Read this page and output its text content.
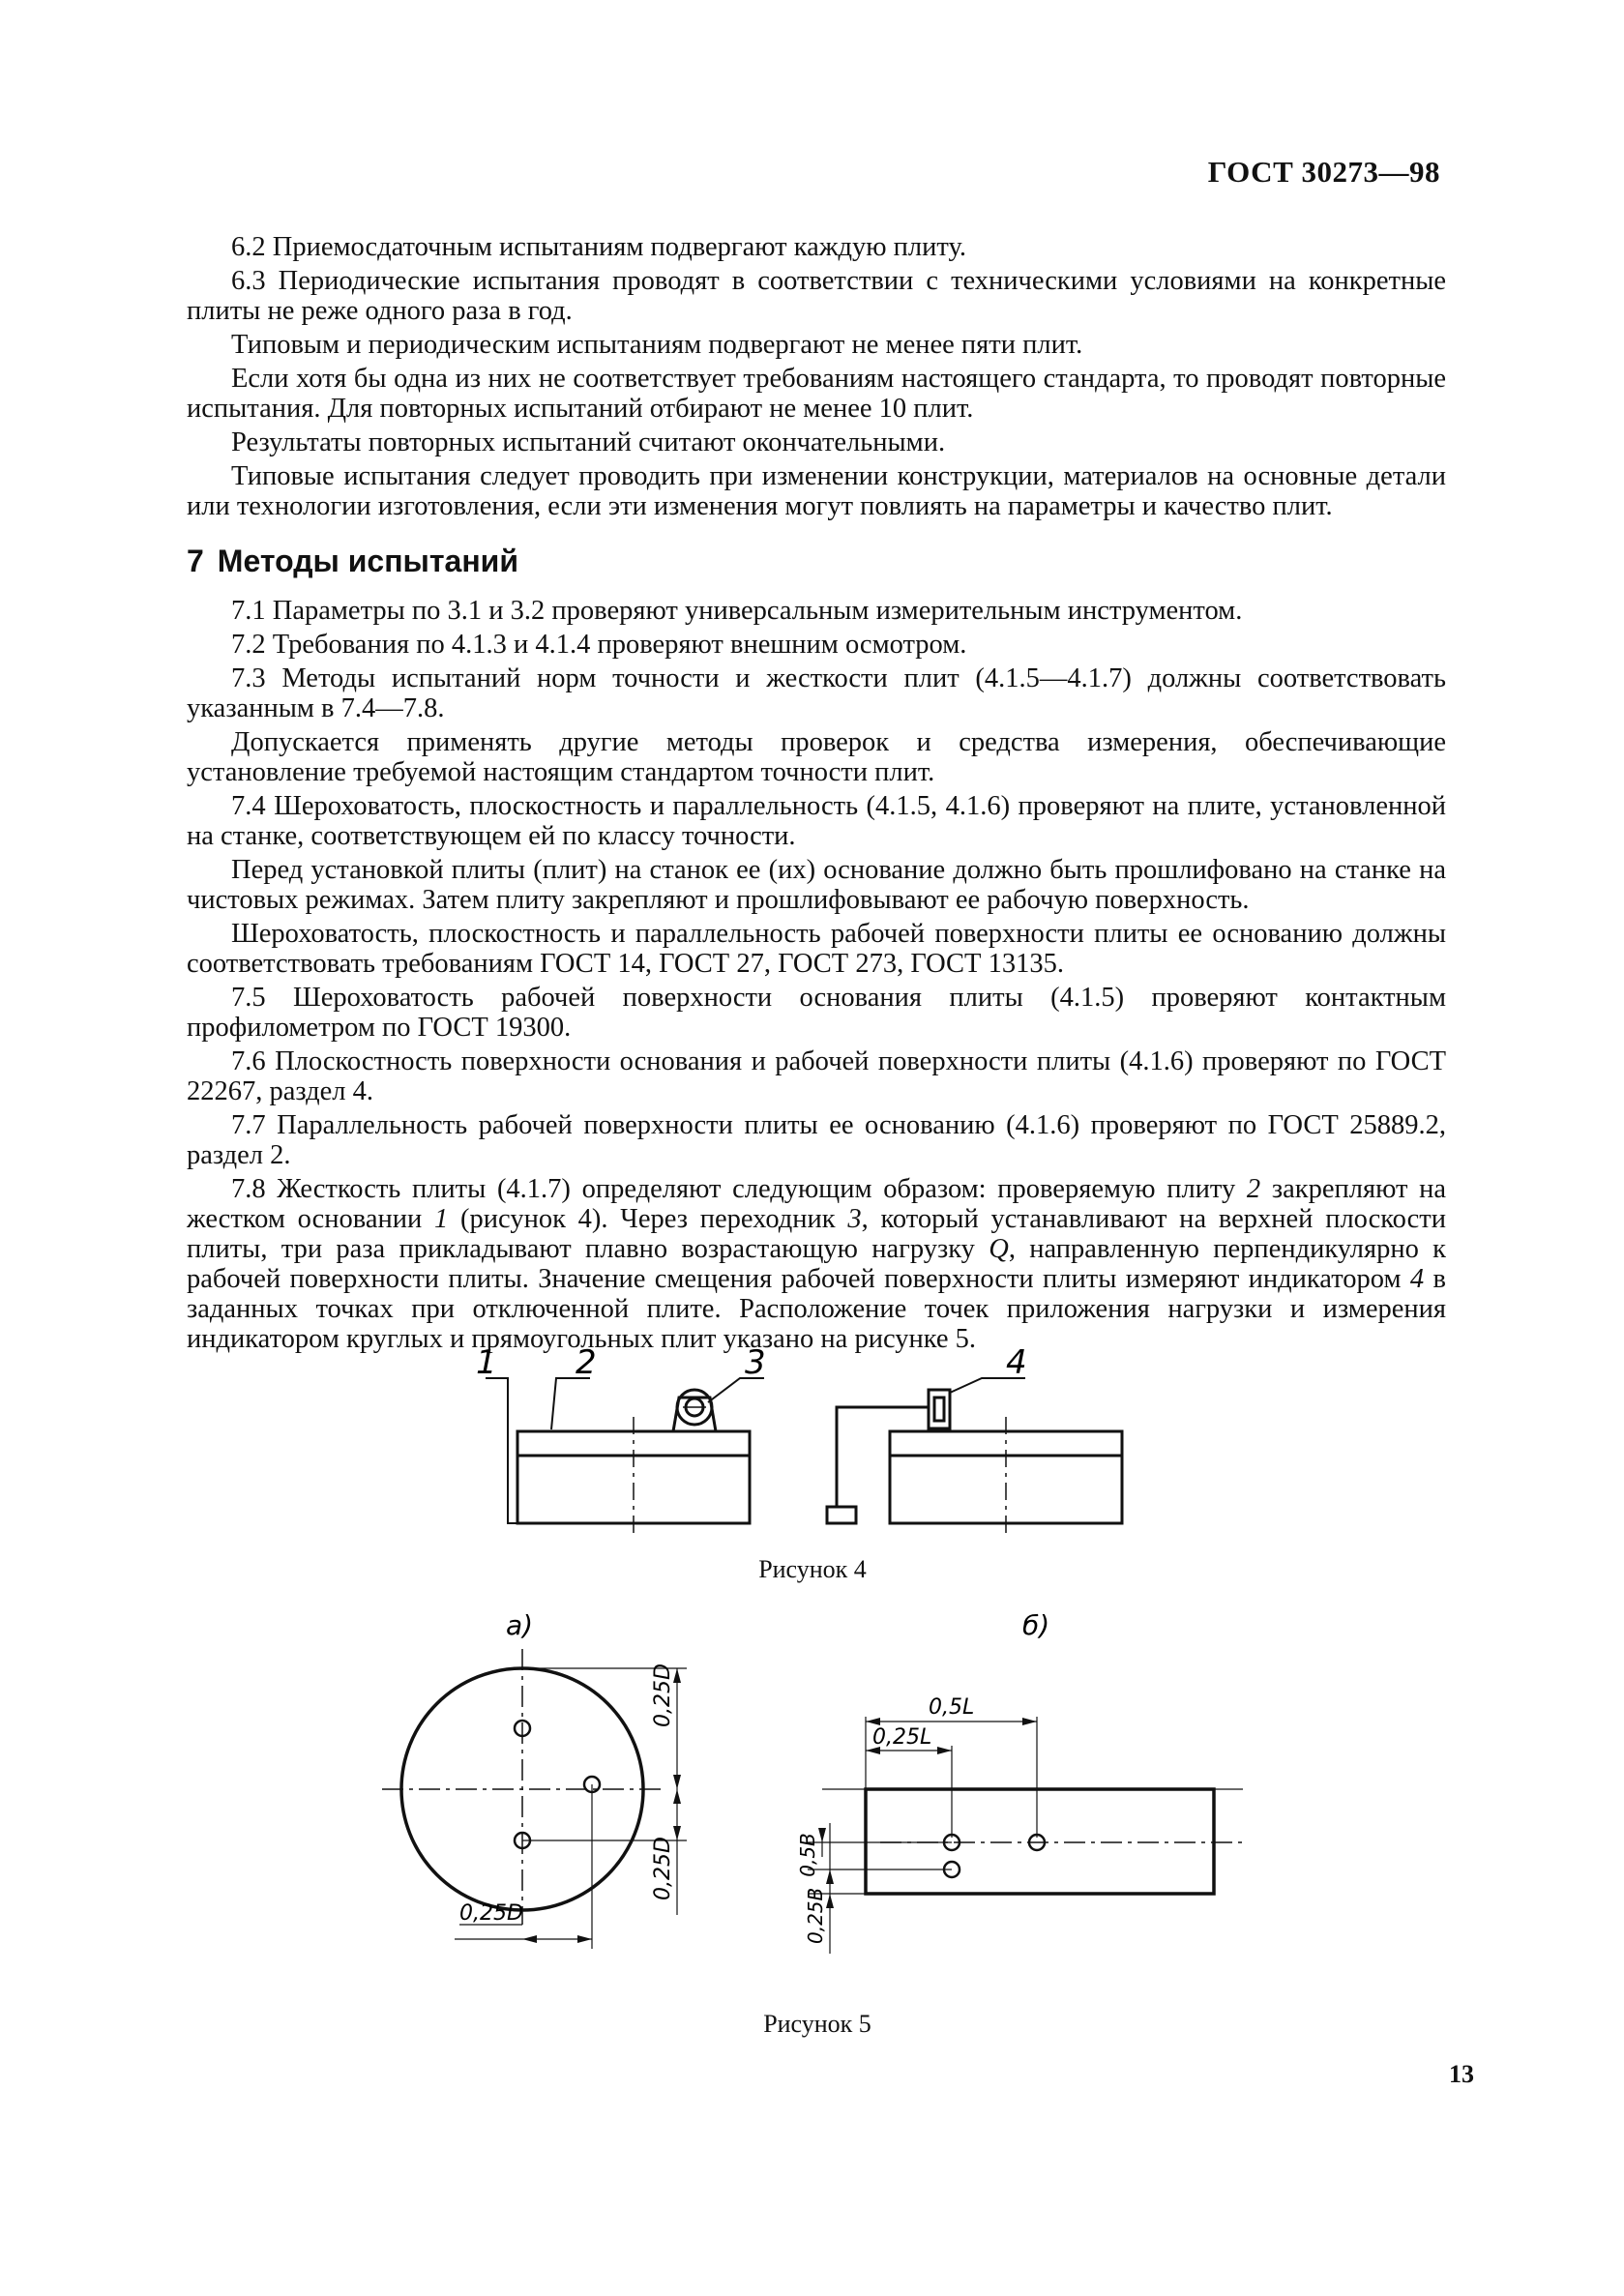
ГОСТ 30273—98

6.2 Приемосдаточным испытаниям подвергают каждую плиту.

6.3 Периодические испытания проводят в соответствии с техническими условиями на конкретные плиты не реже одного раза в год.

Типовым и периодическим испытаниям подвергают не менее пяти плит.

Если хотя бы одна из них не соответствует требованиям настоящего стандарта, то проводят повторные испытания. Для повторных испытаний отбирают не менее 10 плит.

Результаты повторных испытаний считают окончательными.

Типовые испытания следует проводить при изменении конструкции, материалов на основные детали или технологии изготовления, если эти изменения могут повлиять на параметры и качество плит.

7 Методы испытаний

7.1 Параметры по 3.1 и 3.2 проверяют универсальным измерительным инструментом.

7.2 Требования по 4.1.3 и 4.1.4 проверяют внешним осмотром.

7.3 Методы испытаний норм точности и жесткости плит (4.1.5—4.1.7) должны соответствовать указанным в 7.4—7.8.

Допускается применять другие методы проверок и средства измерения, обеспечивающие установление требуемой настоящим стандартом точности плит.

7.4 Шероховатость, плоскостность и параллельность (4.1.5, 4.1.6) проверяют на плите, установленной на станке, соответствующем ей по классу точности.

Перед установкой плиты (плит) на станок ее (их) основание должно быть прошлифовано на станке на чистовых режимах. Затем плиту закрепляют и прошлифовывают ее рабочую поверхность.

Шероховатость, плоскостность и параллельность рабочей поверхности плиты ее основанию должны соответствовать требованиям ГОСТ 14, ГОСТ 27, ГОСТ 273, ГОСТ 13135.

7.5 Шероховатость рабочей поверхности основания плиты (4.1.5) проверяют контактным профилометром по ГОСТ 19300.

7.6 Плоскостность поверхности основания и рабочей поверхности плиты (4.1.6) проверяют по ГОСТ 22267, раздел 4.

7.7 Параллельность рабочей поверхности плиты ее основанию (4.1.6) проверяют по ГОСТ 25889.2, раздел 2.

7.8 Жесткость плиты (4.1.7) определяют следующим образом: проверяемую плиту 2 закрепляют на жестком основании 1 (рисунок 4). Через переходник 3, который устанавливают на верхней плоскости плиты, три раза прикладывают плавно возрастающую нагрузку Q, направленную перпендикулярно к рабочей поверхности плиты. Значение смещения рабочей поверхности плиты измеряют индикатором 4 в заданных точках при отключенной плите. Расположение точек приложения нагрузки и измерения индикатором круглых и прямоугольных плит указано на рисунке 5.

1 2	3	4
Рисунок 4
а)
0,25D
0,25D
0,25D
б)
0,5L
0,25L
0,5B
0,25B
Рисунок 5
13
